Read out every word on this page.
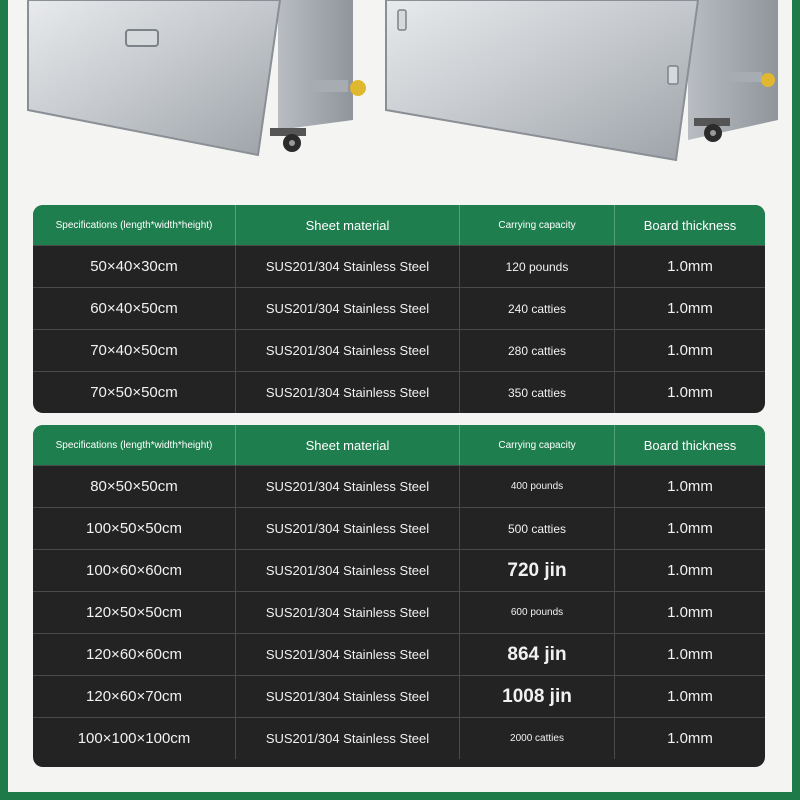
Specifications (length*width*height)	Sheet material	Carrying capacity	Board thickness
50×40×30cm	SUS201/304 Stainless Steel	120 pounds	1.0mm
60×40×50cm	SUS201/304 Stainless Steel	240 catties	1.0mm
70×40×50cm	SUS201/304 Stainless Steel	280 catties	1.0mm
70×50×50cm	SUS201/304 Stainless Steel	350 catties	1.0mm
Specifications (length*width*height)	Sheet material	Carrying capacity	Board thickness
80×50×50cm	SUS201/304 Stainless Steel	400 pounds	1.0mm
100×50×50cm	SUS201/304 Stainless Steel	500 catties	1.0mm
100×60×60cm	SUS201/304 Stainless Steel	720 jin	1.0mm
120×50×50cm	SUS201/304 Stainless Steel	600 pounds	1.0mm
120×60×60cm	SUS201/304 Stainless Steel	864 jin	1.0mm
120×60×70cm	SUS201/304 Stainless Steel	1008 jin	1.0mm
100×100×100cm	SUS201/304 Stainless Steel	2000 catties	1.0mm
